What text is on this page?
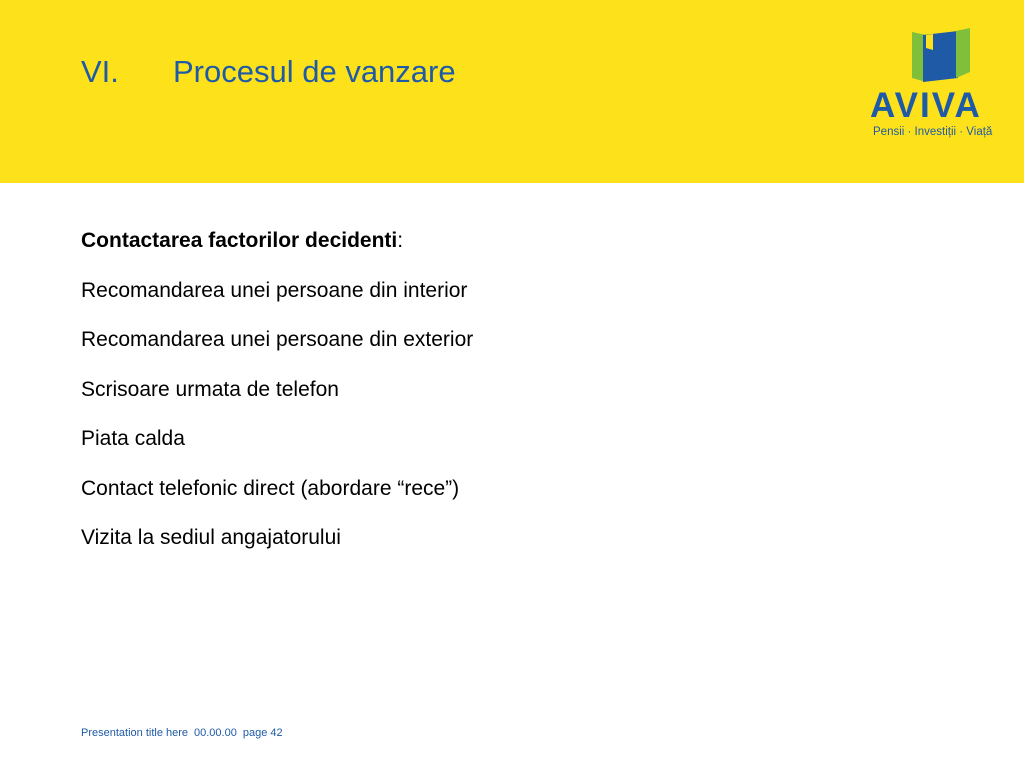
VI. Procesul de vanzare
AVIVA
Pensii · Investiții · Viață

Contactarea factorilor decidenti:

Recomandarea unei persoane din interior

Recomandarea unei persoane din exterior

Scrisoare urmata de telefon

Piata calda

Contact telefonic direct (abordare “rece”)

Vizita la sediul angajatorului

Presentation title here 00.00.00 page 42
